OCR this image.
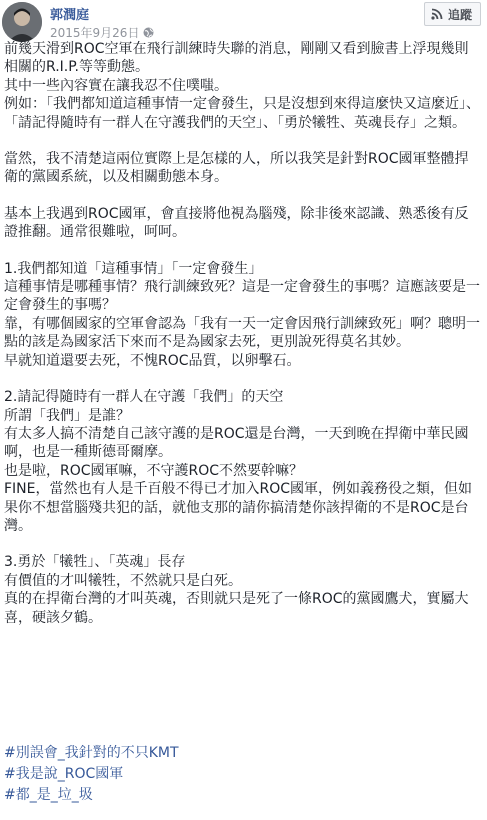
郭潤庭
2015年9月26日
追蹤

前幾天滑到ROC空軍在飛行訓練時失聯的消息，剛剛又看到臉書上浮現幾則相關的R.I.P.等等動態。

其中一些內容實在讓我忍不住噗嗤。

例如：「我們都知道這種事情一定會發生，只是沒想到來得這麼快又這麼近」、「請記得隨時有一群人在守護我們的天空」、「勇於犧牲、英魂長存」之類。

當然，我不清楚這兩位實際上是怎樣的人，所以我笑是針對ROC國軍整體捍衛的黨國系統，以及相關動態本身。

基本上我遇到ROC國軍，會直接將他視為腦殘，除非後來認識、熟悉後有反證推翻。通常很難啦，呵呵。

1.我們都知道「這種事情」「一定會發生」

這種事情是哪種事情？飛行訓練致死？這是一定會發生的事嗎？這應該要是一定會發生的事嗎？

靠，有哪個國家的空軍會認為「我有一天一定會因飛行訓練致死」啊？聰明一點的該是為國家活下來而不是為國家去死，更別說死得莫名其妙。

早就知道還要去死，不愧ROC品質，以卵擊石。

2.請記得隨時有一群人在守護「我們」的天空

所謂「我們」是誰？

有太多人搞不清楚自己該守護的是ROC還是台灣，一天到晚在捍衛中華民國啊，也是一種斯德哥爾摩。

也是啦，ROC國軍嘛，不守護ROC不然要幹嘛？

FINE，當然也有人是千百般不得已才加入ROC國軍，例如義務役之類，但如果你不想當腦殘共犯的話，就他支那的請你搞清楚你該捍衛的不是ROC是台灣。

3.勇於「犧牲」、「英魂」長存

有價值的才叫犧牲，不然就只是白死。

真的在捍衛台灣的才叫英魂，否則就只是死了一條ROC的黨國鷹犬，實屬大喜，硬該夕鶴。

#別誤會_我針對的不只KMT
#我是說_ROC國軍
#都_是_垃_圾
